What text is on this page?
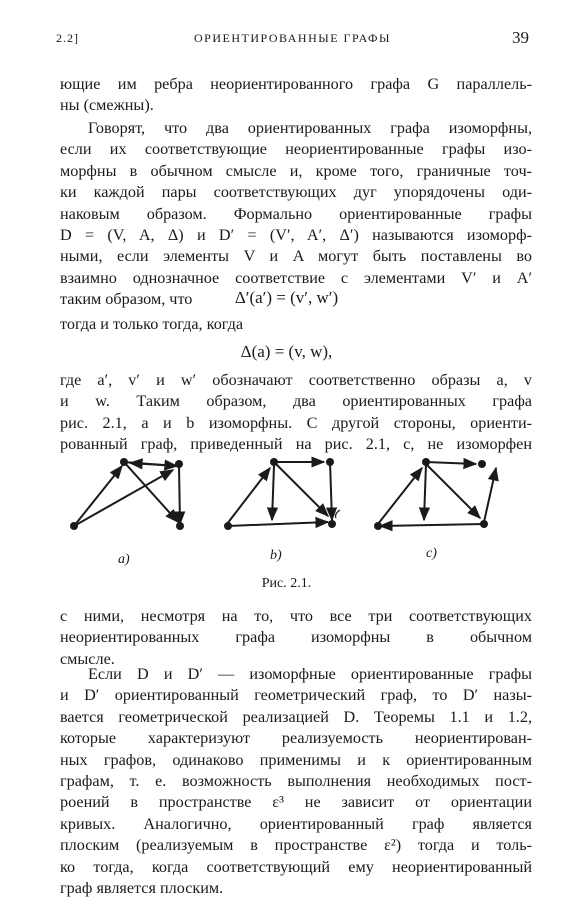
2.2]	ОРИЕНТИРОВАННЫЕ ГРАФЫ	39
ющие им ребра неориентированного графа G параллель-
ны (смежны).
Говорят, что два ориентированных графа изоморфны,
если их соответствующие неориентированные графы изо-
морфны в обычном смысле и, кроме того, граничные точ-
ки каждой пары соответствующих дуг упорядочены оди-
наковым образом. Формально ориентированные графы
D = (V, A, Δ) и D′ = (V′, A′, Δ′) называются изоморф-
ными, если элементы V и A могут быть поставлены во
взаимно однозначное соответствие с элементами V′ и A′
таким образом, что	Δ′(a′) = (v′, w′)
тогда и только тогда, когда
Δ(a) = (v, w),
где a′, v′ и w′ обозначают соответственно образы a, v
и w. Таким образом, два ориентированных графа
рис. 2.1, a и b изоморфны. С другой стороны, ориенти-
рованный граф, приведенный на рис. 2.1, c, не изоморфен
a)	b)	c)
Рис. 2.1.
с ними, несмотря на то, что все три соответствующих
неориентированных графа изоморфны в обычном
смысле.
Если D и D′ — изоморфные ориентированные графы
и D′ ориентированный геометрический граф, то D′ назы-
вается геометрической реализацией D. Теоремы 1.1 и 1.2,
которые характеризуют реализуемость неориентирован-
ных графов, одинаково применимы и к ориентированным
графам, т. е. возможность выполнения необходимых пост-
роений в пространстве ε³ не зависит от ориентации
кривых. Аналогично, ориентированный граф является
плоским (реализуемым в пространстве ε²) тогда и толь-
ко тогда, когда соответствующий ему неориентированный
граф является плоским.
